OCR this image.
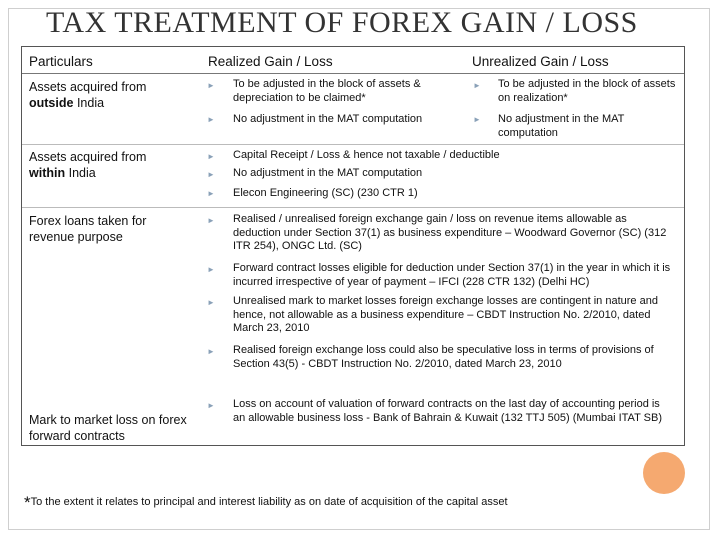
TAX TREATMENT OF FOREX GAIN / LOSS
Particulars	Realized Gain / Loss	Unrealized Gain / Loss
Assets acquired from
outside India
► To be adjusted in the block of assets & depreciation to be claimed*
► No adjustment in the MAT computation
► To be adjusted in the block of assets on realization*
► No adjustment in the MAT computation
Assets acquired from
within India
► Capital Receipt / Loss & hence not taxable / deductible
► No adjustment in the MAT computation
► Elecon Engineering (SC) (230 CTR 1)
Forex loans taken for revenue purpose
► Realised / unrealised foreign exchange gain / loss on revenue items allowable as deduction under Section 37(1) as business expenditure – Woodward Governor (SC) (312 ITR 254), ONGC Ltd. (SC)
► Forward contract losses eligible for deduction under Section 37(1) in the year in which it is incurred irrespective of year of payment – IFCI (228 CTR 132) (Delhi HC)
► Unrealised mark to market losses foreign exchange losses are contingent in nature and hence, not allowable as a business expenditure – CBDT Instruction No. 2/2010, dated March 23, 2010
► Realised foreign exchange loss could also be speculative loss in terms of provisions of Section 43(5) - CBDT Instruction No. 2/2010, dated March 23, 2010
► Loss on account of valuation of forward contracts on the last day of accounting period is an allowable business loss - Bank of Bahrain & Kuwait (132 TTJ 505) (Mumbai ITAT SB)
Mark to market loss on forex forward contracts
*To the extent it relates to principal and interest liability as on date of acquisition of the capital asset
